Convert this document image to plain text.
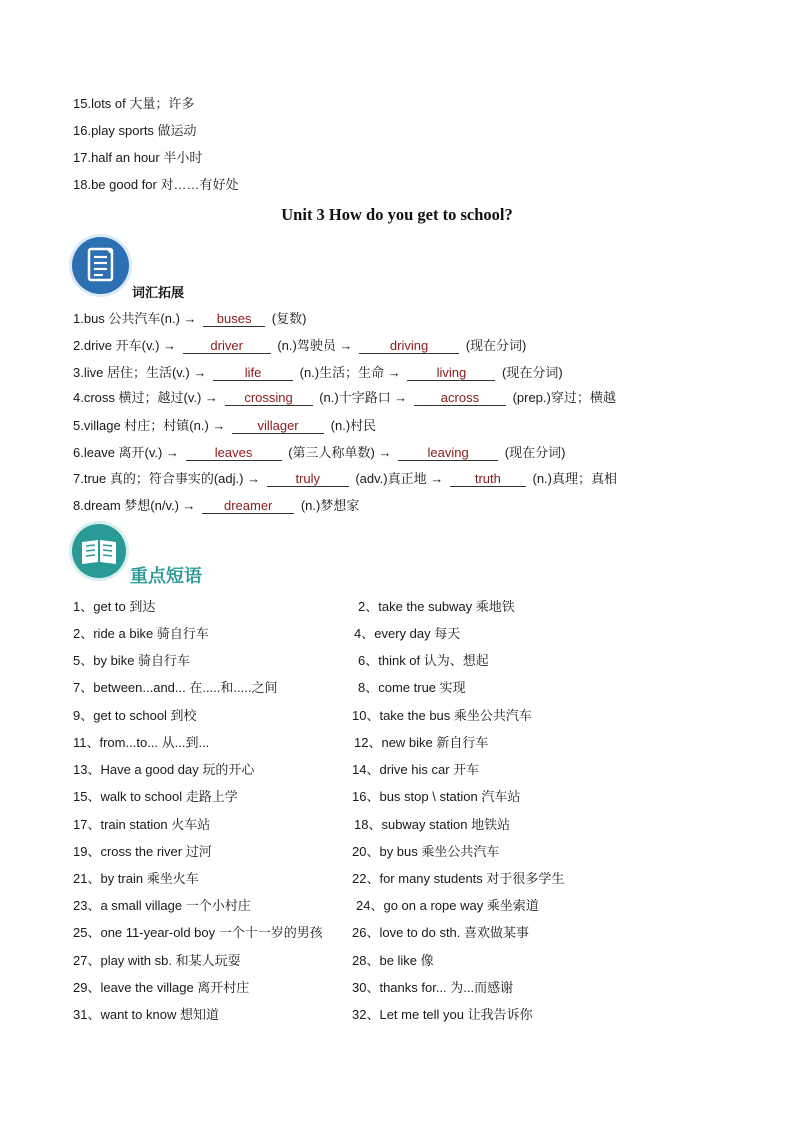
15.lots of 大量；许多
16.play sports 做运动
17.half an hour 半小时
18.be good for 对……有好处
Unit 3 How do you get to school?
词汇拓展
1.bus 公共汽车(n.) → buses (复数)
2.drive 开车(v.) →	driver	(n.)驾驶员 →	driving	(现在分词)
3.live 居住；生活(v.) →	life	(n.)生活；生命 →	living	(现在分词)
4.cross 横过；越过(v.) → crossing (n.)十字路口 →	across	(prep.)穿过；横越
5.village 村庄；村镇(n.) → villager (n.)村民
6.leave 离开(v.) →	leaves	(第三人称单数) →	leaving	(现在分词)
7.true 真的；符合事实的(adj.) →	truly	(adv.)真正地 → truth (n.)真理；真相
8.dream 梦想(n/v.) → dreamer (n.)梦想家
重点短语
1、get to 到达	2、take the subway 乘地铁
2、ride a bike 骑自行车	4、every day 每天
5、by bike 骑自行车	6、think of 认为、想起
7、between...and... 在.....和.....之间	8、come true 实现
9、get to school 到校	10、take the bus 乘坐公共汽车
11、from...to... 从...到...	12、new bike 新自行车
13、Have a good day 玩的开心	14、drive his car 开车
15、walk to school 走路上学	16、bus stop \ station 汽车站
17、train station 火车站	18、subway station 地铁站
19、cross the river 过河	20、by bus 乘坐公共汽车
21、by train 乘坐火车	22、for many students 对于很多学生
23、a small village 一个小村庄	24、go on a rope way 乘坐索道
25、one 11-year-old boy 一个十一岁的男孩 26、love to do sth. 喜欢做某事
27、play with sb. 和某人玩耍	28、be like 像
29、leave the village 离开村庄	30、thanks for... 为...而感谢
31、want to know 想知道	32、Let me tell you 让我告诉你
